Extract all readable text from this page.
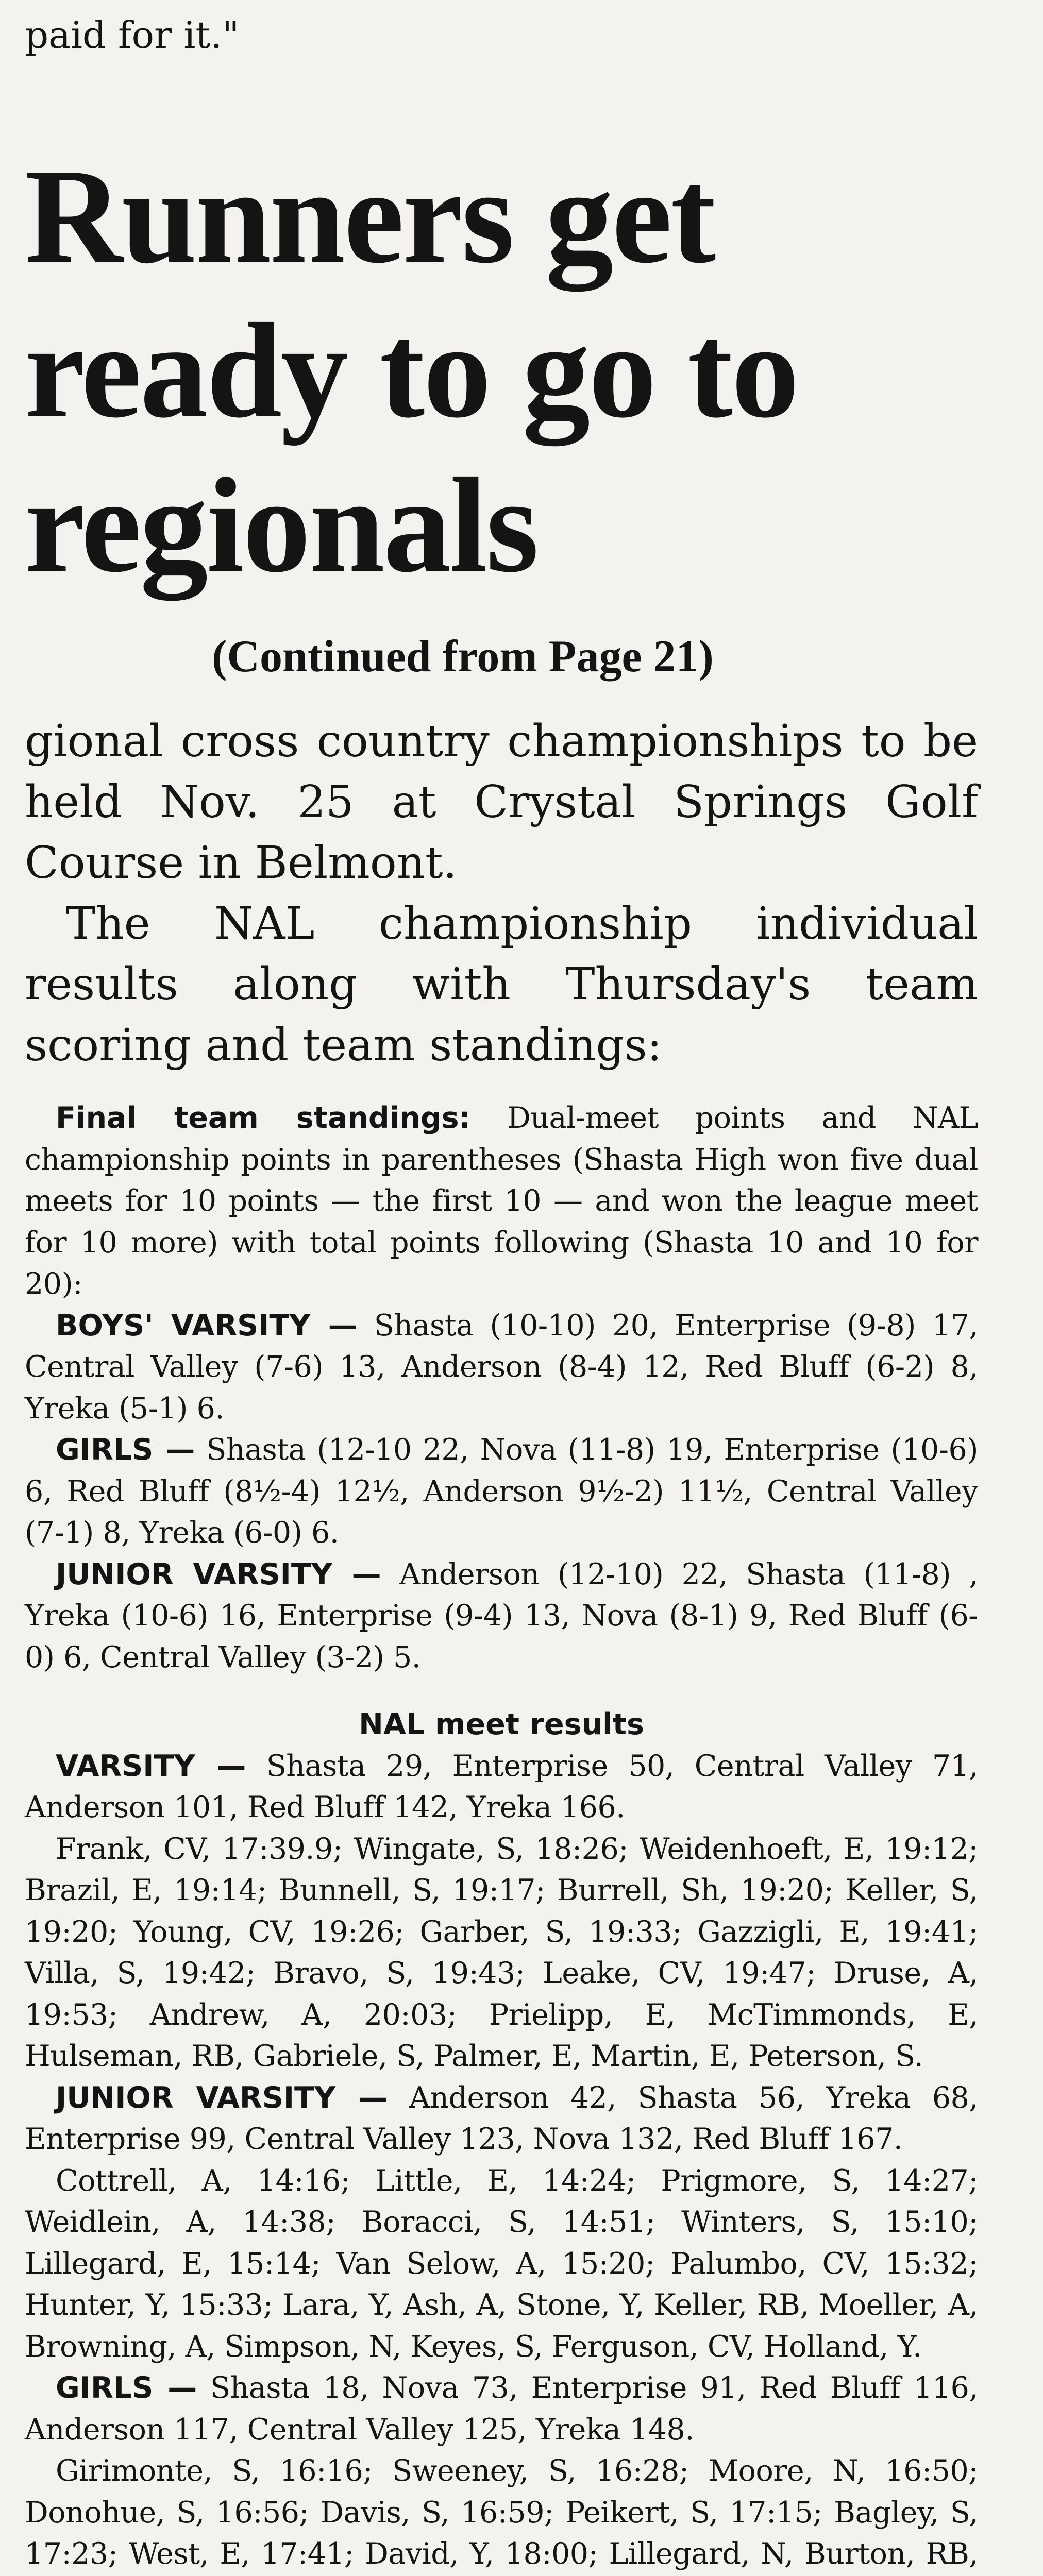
paid for it."
Runners get ready to go to regionals
(Continued from Page 21)

gional cross country championships to be held Nov. 25 at Crystal Springs Golf Course in Belmont.

The NAL championship individual results along with Thursday's team scoring and team standings:

Final team standings: Dual-meet points and NAL championship points in parentheses (Shasta High won five dual meets for 10 points — the first 10 — and won the league meet for 10 more) with total points following (Shasta 10 and 10 for 20):

BOYS' VARSITY — Shasta (10-10) 20, Enterprise (9-8) 17, Central Valley (7-6) 13, Anderson (8-4) 12, Red Bluff (6-2) 8, Yreka (5-1) 6.

GIRLS — Shasta (12-10 22, Nova (11-8) 19, Enterprise (10-6) 6, Red Bluff (8½-4) 12½, Anderson 9½-2) 11½, Central Valley (7-1) 8, Yreka (6-0) 6.

JUNIOR VARSITY — Anderson (12-10) 22, Shasta (11-8) , Yreka (10-6) 16, Enterprise (9-4) 13, Nova (8-1) 9, Red Bluff (6-0) 6, Central Valley (3-2) 5.

NAL meet results

VARSITY — Shasta 29, Enterprise 50, Central Valley 71, Anderson 101, Red Bluff 142, Yreka 166.

Frank, CV, 17:39.9; Wingate, S, 18:26; Weidenhoeft, E, 19:12; Brazil, E, 19:14; Bunnell, S, 19:17; Burrell, Sh, 19:20; Keller, S, 19:20; Young, CV, 19:26; Garber, S, 19:33; Gazzigli, E, 19:41; Villa, S, 19:42; Bravo, S, 19:43; Leake, CV, 19:47; Druse, A, 19:53; Andrew, A, 20:03; Prielipp, E, McTimmonds, E, Hulseman, RB, Gabriele, S, Palmer, E, Martin, E, Peterson, S.

JUNIOR VARSITY — Anderson 42, Shasta 56, Yreka 68, Enterprise 99, Central Valley 123, Nova 132, Red Bluff 167.

Cottrell, A, 14:16; Little, E, 14:24; Prigmore, S, 14:27; Weidlein, A, 14:38; Boracci, S, 14:51; Winters, S, 15:10; Lillegard, E, 15:14; Van Selow, A, 15:20; Palumbo, CV, 15:32; Hunter, Y, 15:33; Lara, Y, Ash, A, Stone, Y, Keller, RB, Moeller, A, Browning, A, Simpson, N, Keyes, S, Ferguson, CV, Holland, Y.

GIRLS — Shasta 18, Nova 73, Enterprise 91, Red Bluff 116, Anderson 117, Central Valley 125, Yreka 148.

Girimonte, S, 16:16; Sweeney, S, 16:28; Moore, N, 16:50; Donohue, S, 16:56; Davis, S, 16:59; Peikert, S, 17:15; Bagley, S, 17:23; West, E, 17:41; David, Y, 18:00; Lillegard, N, Burton, RB,
